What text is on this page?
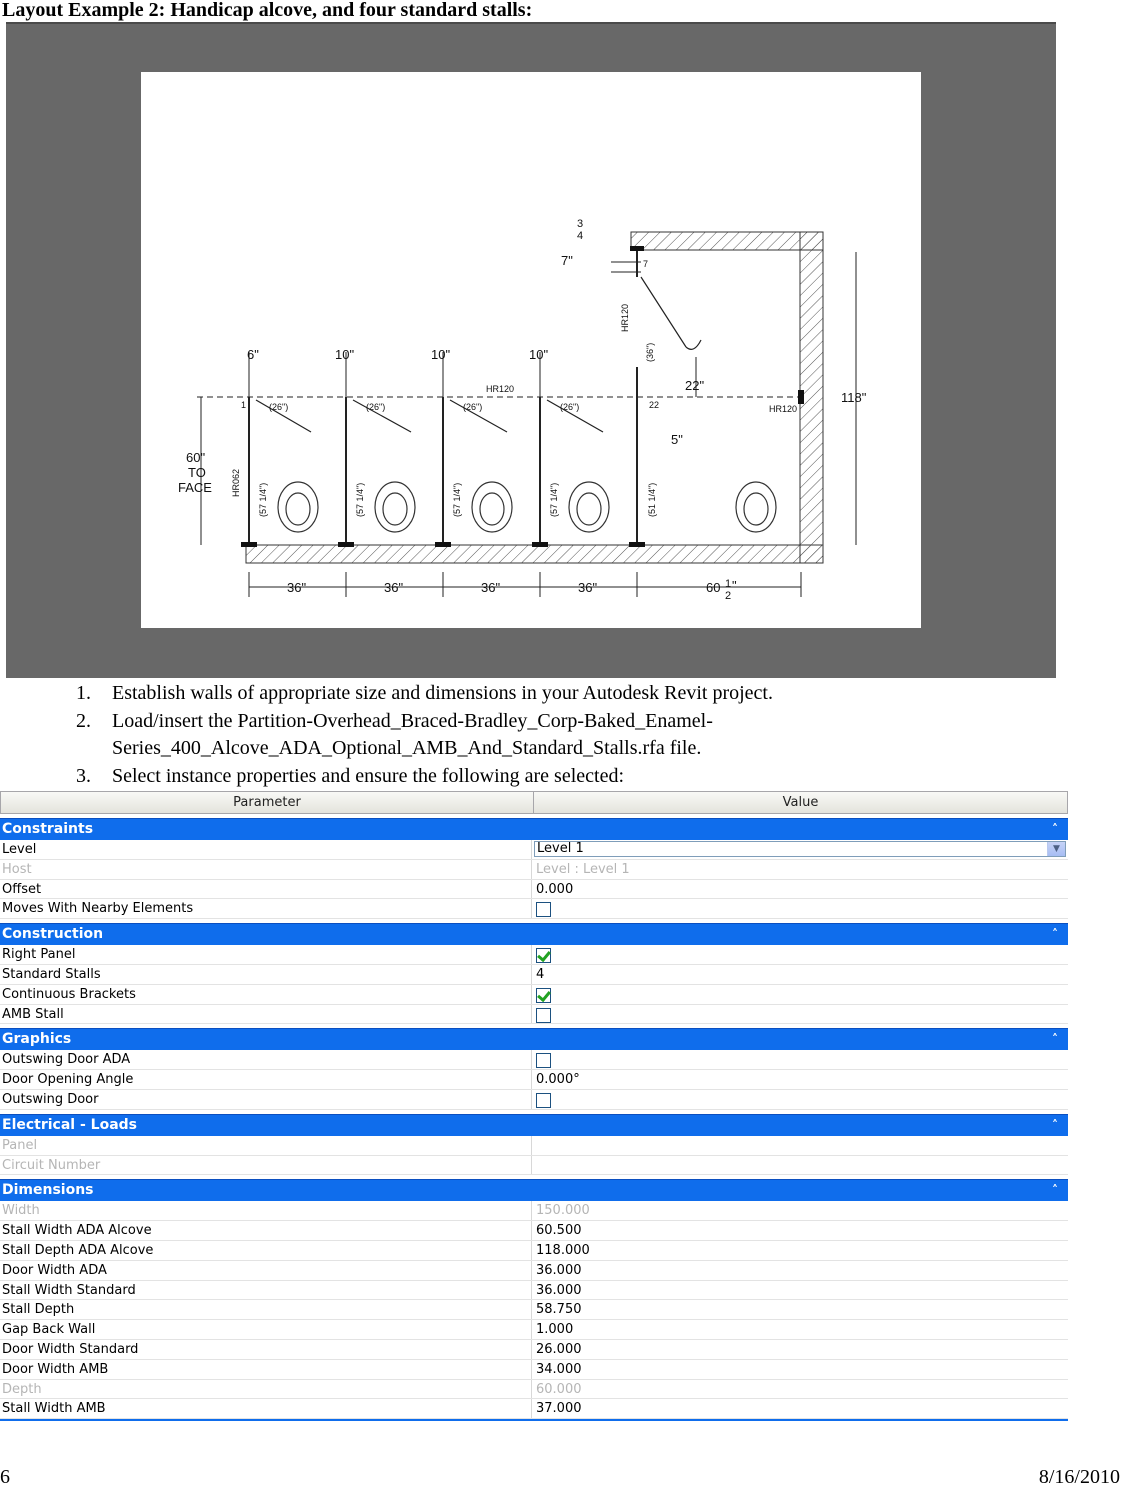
Layout Example 2: Handicap alcove, and four standard stalls:
6"	10"	10"	10"
36"	36"	36"	36"	60 1
2
"
60"
TO
FACE
118"
22"
5"
7"
3
4
(26")	(26")	(26")	(26")
HR120
HR120
1	22
7
(57 1/4")	(57 1/4")	(57 1/4")	(57 1/4")	(51 1/4")
(36")
HR120
HR062
1. Establish walls of appropriate size and dimensions in your Autodesk Revit project.
2. Load/insert the Partition-Overhead_Braced-Bradley_Corp-Baked_Enamel-
Series_400_Alcove_ADA_Optional_AMB_And_Standard_Stalls.rfa file.
3. Select instance properties and ensure the following are selected:
Parameter	Value
Constraints	˄
Level	Level 1	▼
Host	Level : Level 1
Offset	0.000
Moves With Nearby Elements
Construction	˄
Right Panel
Standard Stalls	4
Continuous Brackets
AMB Stall
Graphics	˄
Outswing Door ADA
Door Opening Angle	0.000°
Outswing Door
Electrical - Loads	˄
Panel
Circuit Number
Dimensions	˄
Width	150.000
Stall Width ADA Alcove	60.500
Stall Depth ADA Alcove	118.000
Door Width ADA	36.000
Stall Width Standard	36.000
Stall Depth	58.750
Gap Back Wall	1.000
Door Width Standard	26.000
Door Width AMB	34.000
Depth	60.000
Stall Width AMB	37.000
6	8/16/2010
